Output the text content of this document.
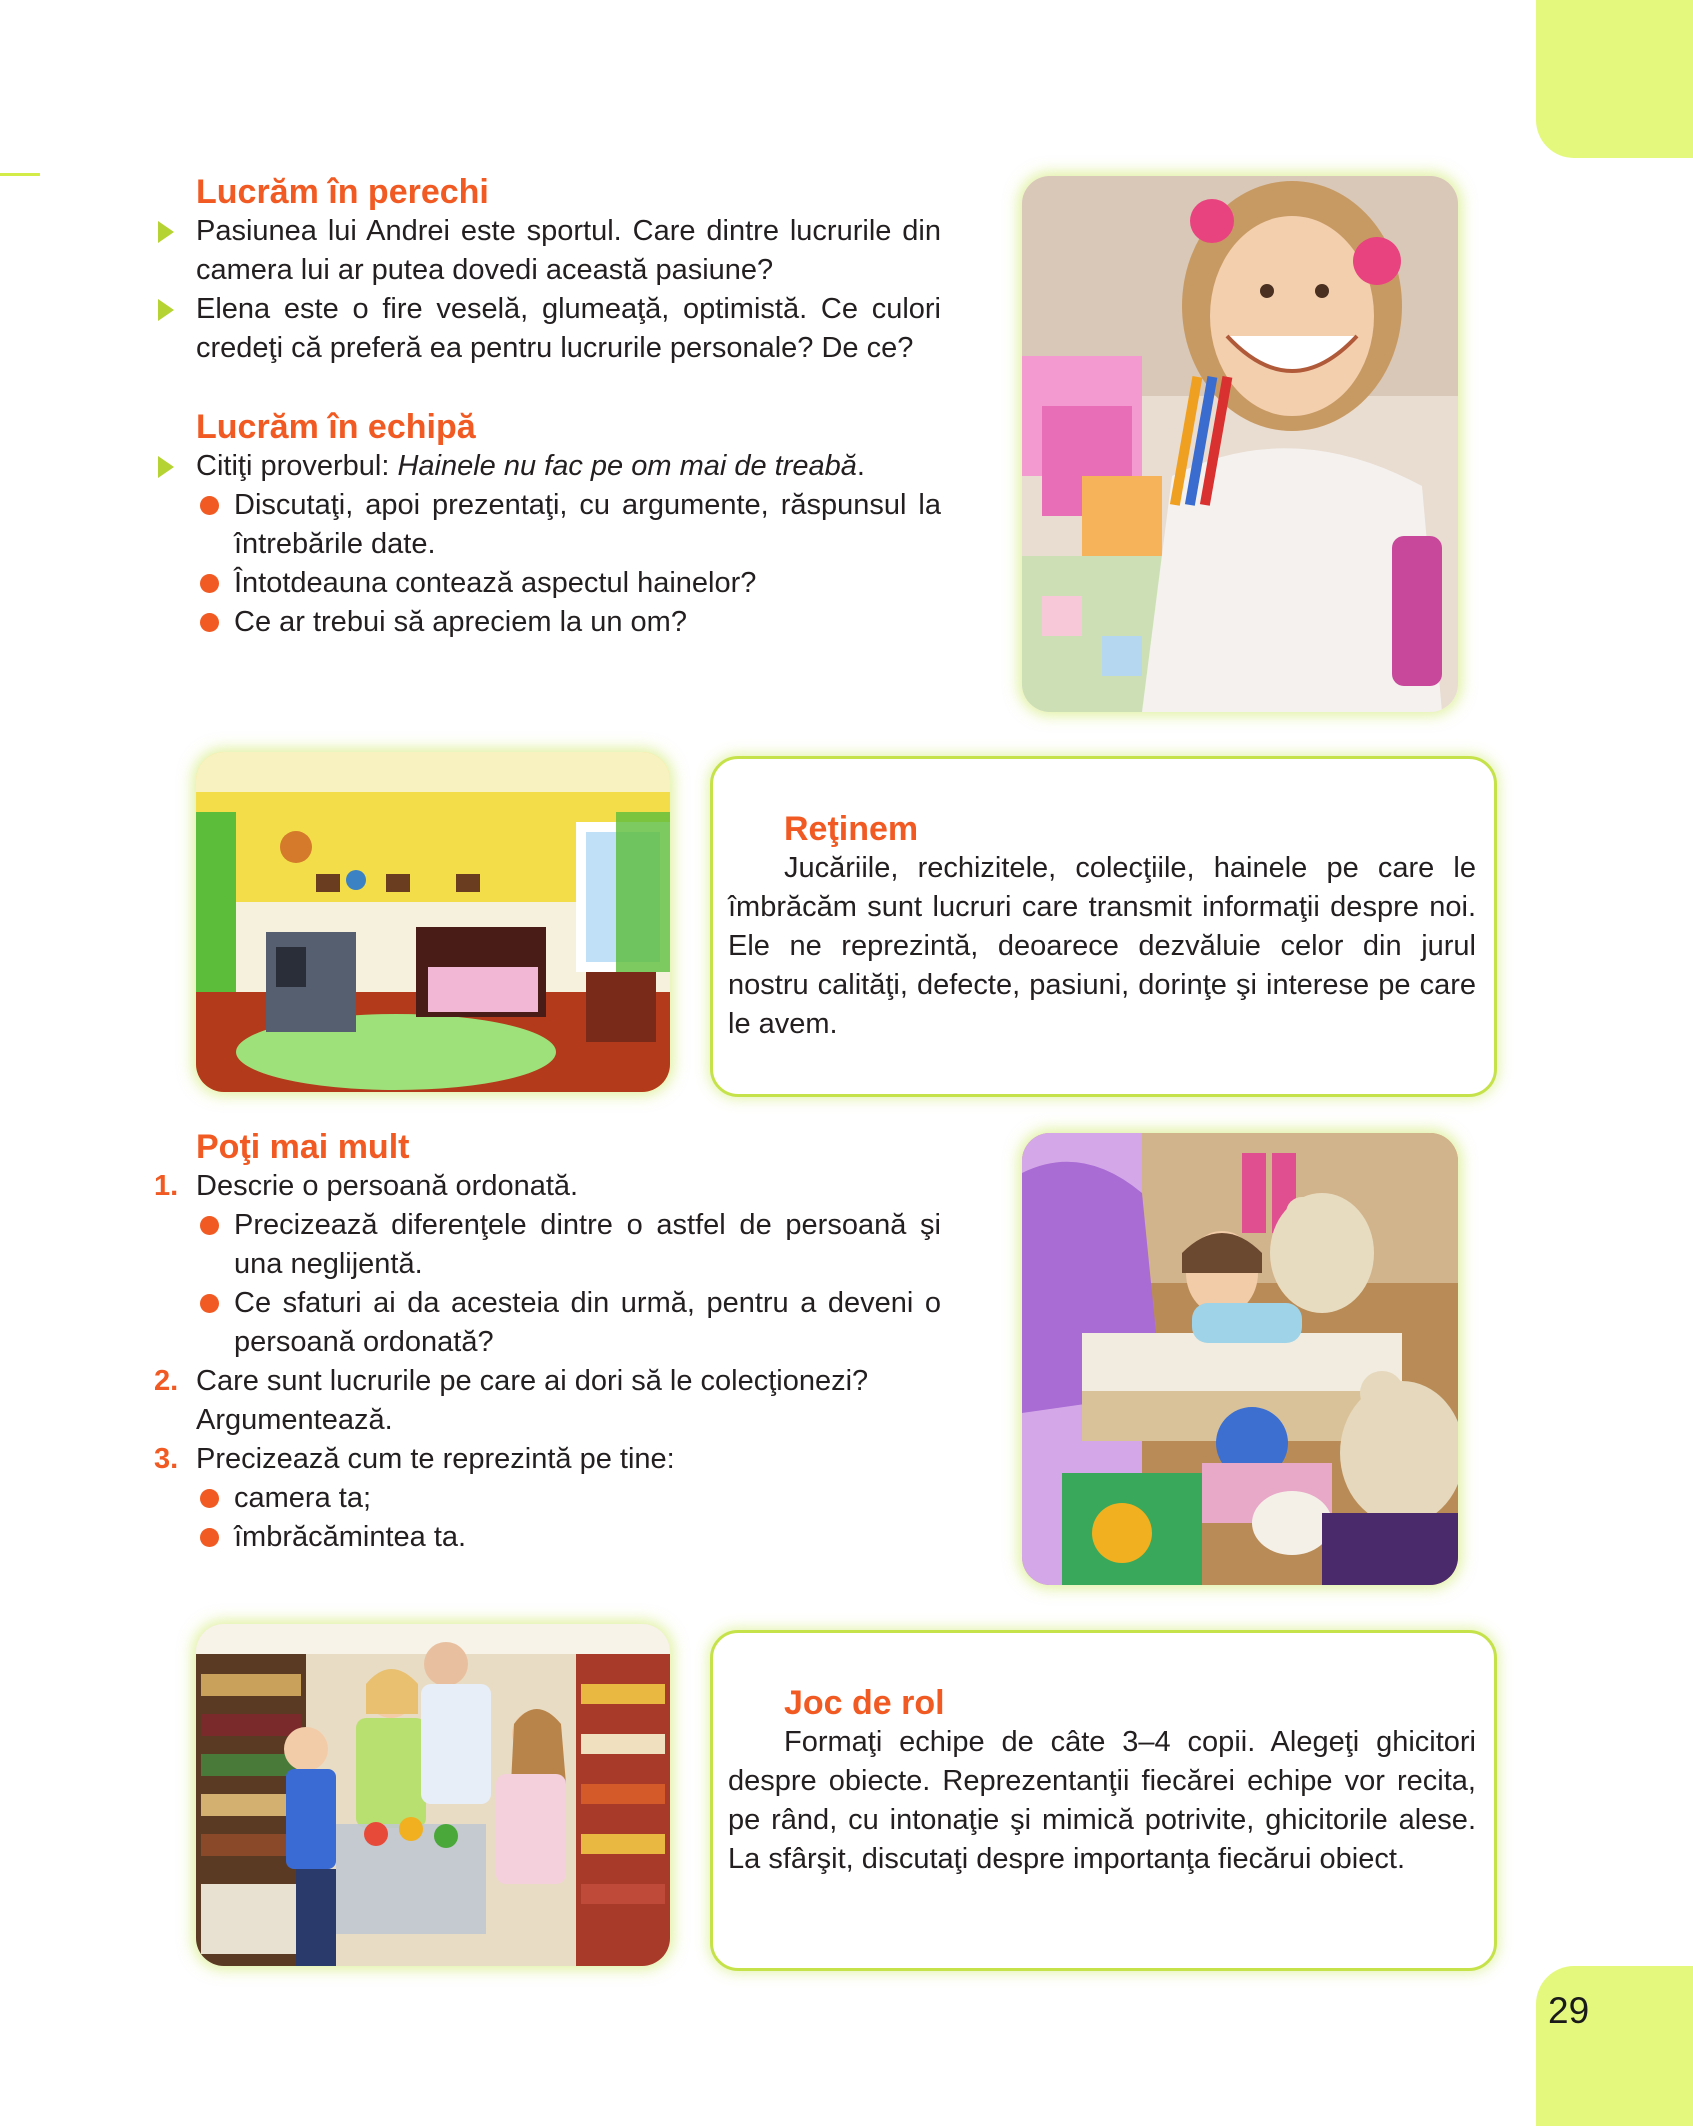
Lucrăm în perechi
Pasiunea lui Andrei este sportul. Care dintre lucrurile din camera lui ar putea dovedi această pasiune?
Elena este o fire veselă, glumeaţă, optimistă. Ce culori credeţi că preferă ea pentru lucrurile personale? De ce?
Lucrăm în echipă
Citiţi proverbul: Hainele nu fac pe om mai de treabă.
Discutaţi, apoi prezentaţi, cu argumente, răspunsul la întrebările date.
Întotdeauna contează aspectul hainelor?
Ce ar trebui să apreciem la un om?
Reţinem

Jucăriile, rechizitele, colecţiile, hainele pe care le îmbrăcăm sunt lucruri care transmit informaţii despre noi. Ele ne reprezintă, deoarece dezvăluie celor din jurul nostru calităţi, defecte, pasiuni, dorinţe şi interese pe care le avem.

Poţi mai mult
1. Descrie o persoană ordonată.
Precizează diferenţele dintre o astfel de persoană şi una neglijentă.
Ce sfaturi ai da acesteia din urmă, pentru a deveni o persoană ordonată?
2. Care sunt lucrurile pe care ai dori să le colecţionezi? Argumentează.
3. Precizează cum te reprezintă pe tine:
camera ta;
îmbrăcămintea ta.
Joc de rol

Formaţi echipe de câte 3–4 copii. Alegeţi ghicitori despre obiecte. Reprezentanţii fiecărei echipe vor recita, pe rând, cu intonaţie şi mimică potrivite, ghicitorile alese. La sfârşit, discutaţi despre importanţa fiecărui obiect.

29
